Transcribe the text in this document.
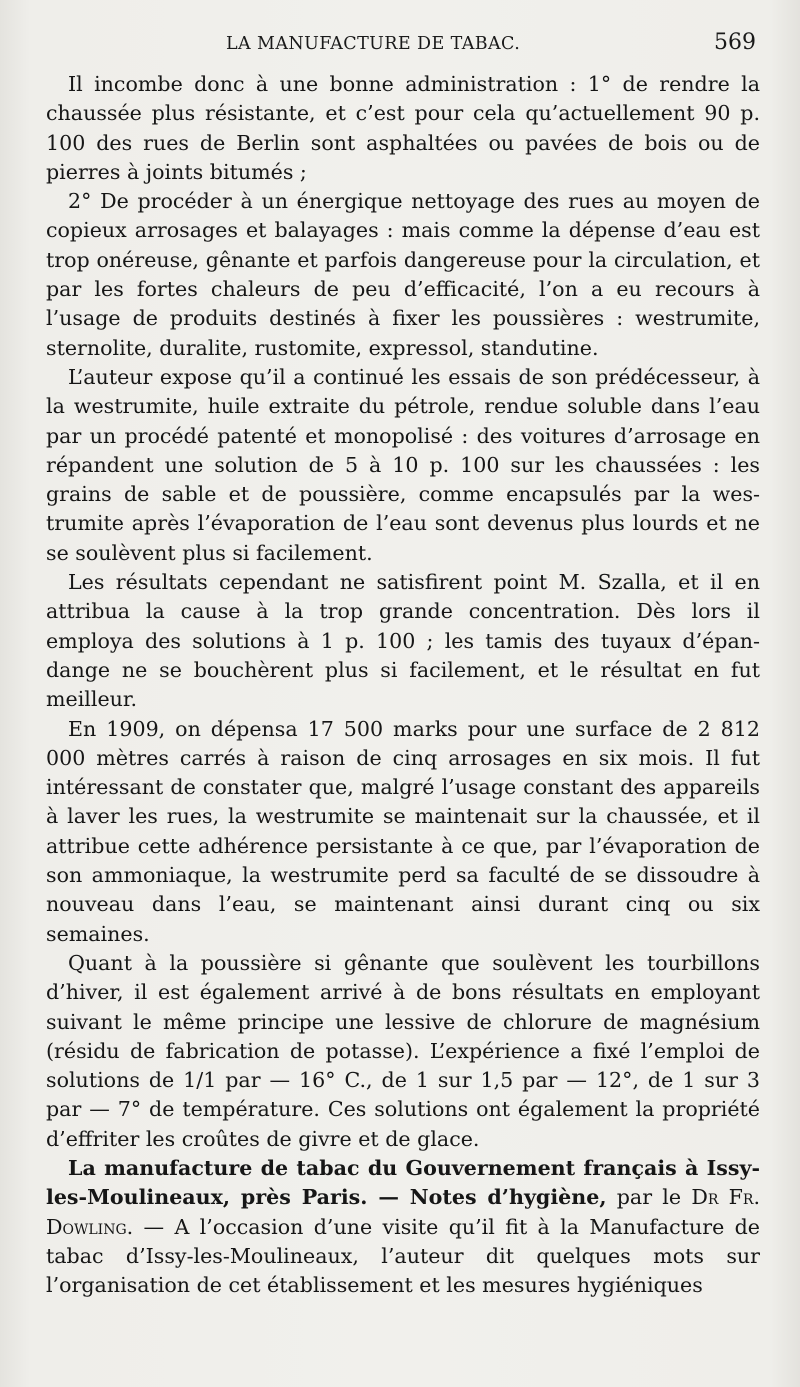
LA MANUFACTURE DE TABAC.	569

Il incombe donc à une bonne administration : 1° de rendre la chaussée plus résistante, et c’est pour cela qu’actuellement 90 p. 100 des rues de Berlin sont asphaltées ou pavées de bois ou de pierres à joints bitumés ;

2° De procéder à un énergique nettoyage des rues au moyen de copieux arrosages et balayages : mais comme la dépense d’eau est trop onéreuse, gênante et parfois dangereuse pour la circulation, et par les fortes chaleurs de peu d’efficacité, l’on a eu recours à l’usage de produits destinés à fixer les poussières : westrumite, sternolite, duralite, rustomite, expressol, standutine.

L’auteur expose qu’il a continué les essais de son prédécesseur, à la westrumite, huile extraite du pétrole, rendue soluble dans l’eau par un procédé patenté et monopolisé : des voitures d’arrosage en répandent une solution de 5 à 10 p. 100 sur les chaussées : les grains de sable et de poussière, comme encapsulés par la westrumite après l’évaporation de l’eau sont devenus plus lourds et ne se soulèvent plus si facilement.

Les résultats cependant ne satisfirent point M. Szalla, et il en attribua la cause à la trop grande concentration. Dès lors il employa des solutions à 1 p. 100 ; les tamis des tuyaux d’épandange ne se bouchèrent plus si facilement, et le résultat en fut meilleur.

En 1909, on dépensa 17 500 marks pour une surface de 2 812 000 mètres carrés à raison de cinq arrosages en six mois. Il fut intéressant de constater que, malgré l’usage constant des appareils à laver les rues, la westrumite se maintenait sur la chaussée, et il attribue cette adhérence persistante à ce que, par l’évaporation de son ammoniaque, la westrumite perd sa faculté de se dissoudre à nouveau dans l’eau, se maintenant ainsi durant cinq ou six semaines.

Quant à la poussière si gênante que soulèvent les tourbillons d’hiver, il est également arrivé à de bons résultats en employant suivant le même principe une lessive de chlorure de magnésium (résidu de fabrication de potasse). L’expérience a fixé l’emploi de solutions de 1/1 par — 16° C., de 1 sur 1,5 par — 12°, de 1 sur 3 par — 7° de température. Ces solutions ont également la propriété d’effriter les croûtes de givre et de glace.

La manufacture de tabac du Gouvernement français à Issy-les-Moulineaux, près Paris. — Notes d’hygiène, par le Dr Fr. Dowling. — A l’occasion d’une visite qu’il fit à la Manufacture de tabac d’Issy-les-Moulineaux, l’auteur dit quelques mots sur l’organisation de cet établissement et les mesures hygiéniques
